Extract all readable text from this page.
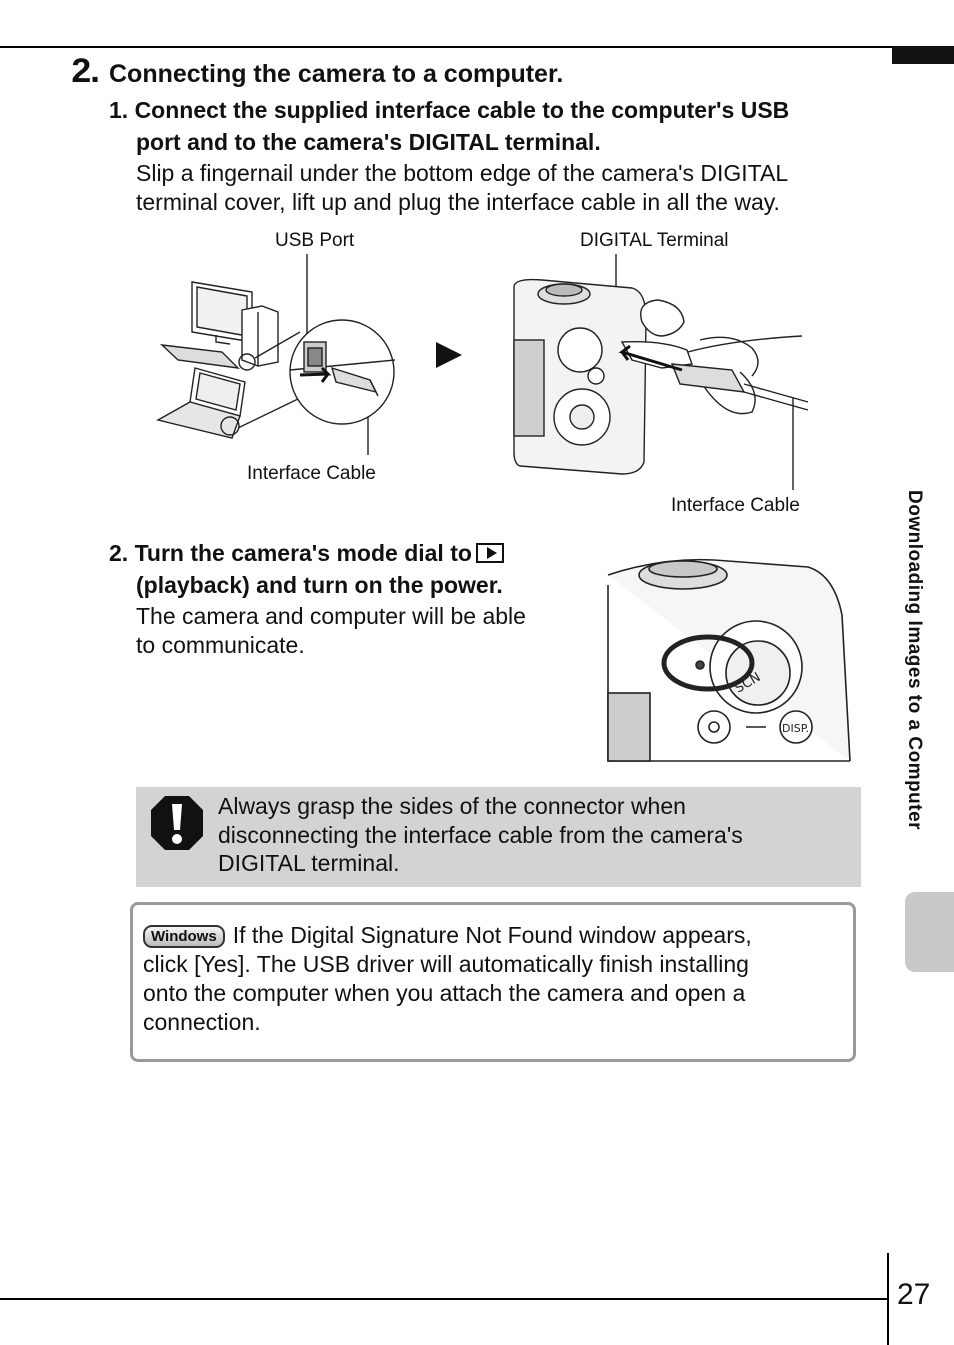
2. Connecting the camera to a computer.
1. Connect the supplied interface cable to the computer's USB
port and to the camera's DIGITAL terminal.
Slip a fingernail under the bottom edge of the camera's DIGITAL
terminal cover, lift up and plug the interface cable in all the way.
USB Port	DIGITAL Terminal
Interface Cable
Interface Cable
2. Turn the camera's mode dial to
(playback) and turn on the power.
The camera and computer will be able
to communicate.
DISP.
SCN
Always grasp the sides of the connector when
disconnecting the interface cable from the camera's
DIGITAL terminal.
Windows If the Digital Signature Not Found window appears,
click [Yes]. The USB driver will automatically finish installing
onto the computer when you attach the camera and open a
connection.
Downloading Images to a Computer
27
